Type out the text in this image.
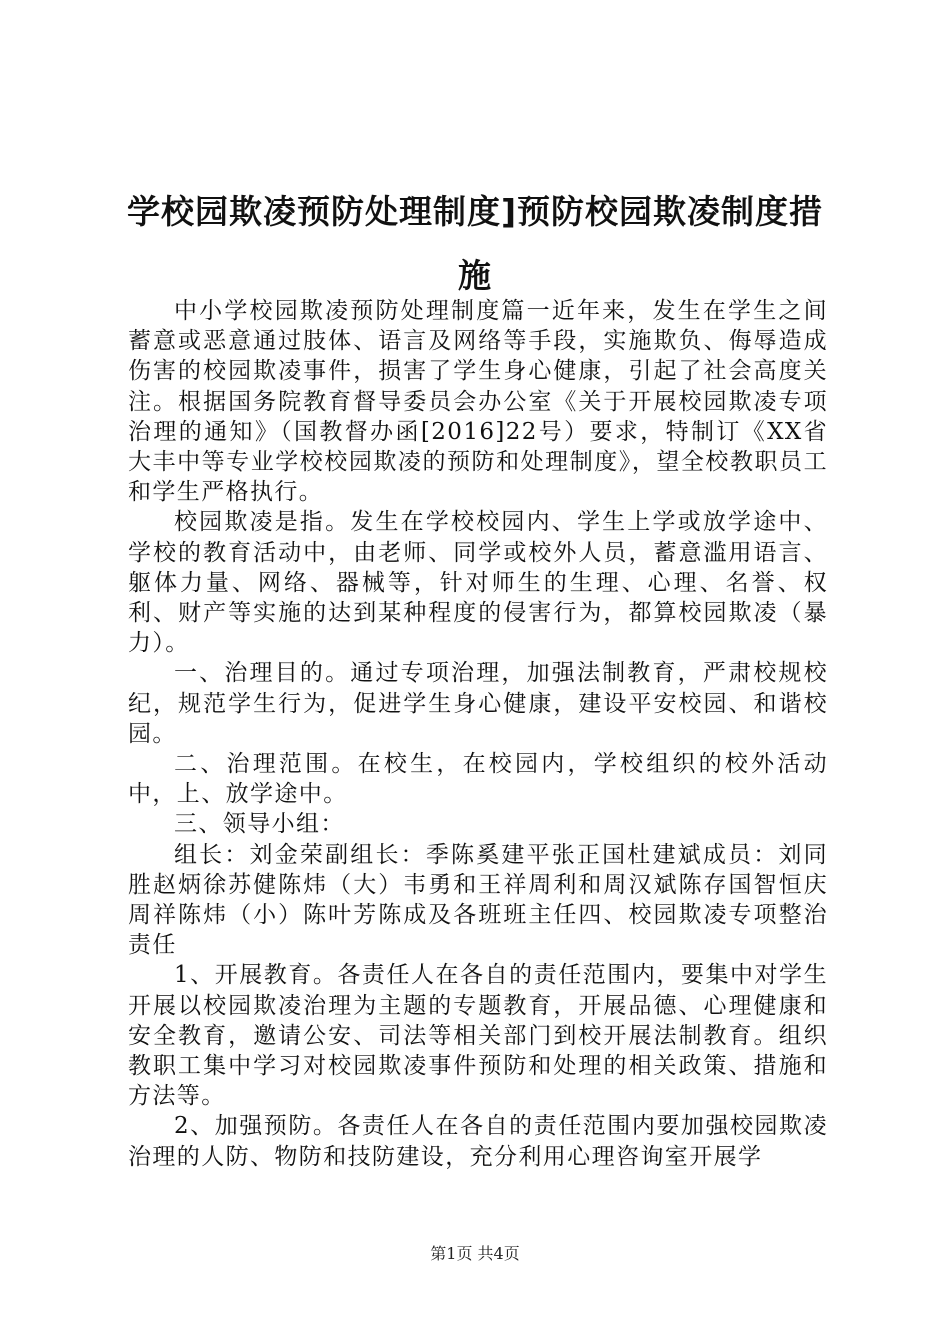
学校园欺凌预防处理制度]预防校园欺凌制度措施

中小学校园欺凌预防处理制度篇一近年来，发生在学生之间蓄意或恶意通过肢体、语言及网络等手段，实施欺负、侮辱造成伤害的校园欺凌事件，损害了学生身心健康，引起了社会高度关注。根据国务院教育督导委员会办公室《关于开展校园欺凌专项治理的通知》（国教督办函[2016]22号）要求，特制订《XX省大丰中等专业学校校园欺凌的预防和处理制度》，望全校教职员工和学生严格执行。

校园欺凌是指。发生在学校校园内、学生上学或放学途中、学校的教育活动中，由老师、同学或校外人员，蓄意滥用语言、躯体力量、网络、器械等，针对师生的生理、心理、名誉、权利、财产等实施的达到某种程度的侵害行为，都算校园欺凌（暴力）。

一、治理目的。通过专项治理，加强法制教育，严肃校规校纪，规范学生行为，促进学生身心健康，建设平安校园、和谐校园。

二、治理范围。在校生，在校园内，学校组织的校外活动中，上、放学途中。

三、领导小组：

组长：刘金荣副组长：季陈奚建平张正国杜建斌成员：刘同胜赵炳徐苏健陈炜（大）韦勇和王祥周利和周汉斌陈存国智恒庆周祥陈炜（小）陈叶芳陈成及各班班主任四、校园欺凌专项整治责任

1、开展教育。各责任人在各自的责任范围内，要集中对学生开展以校园欺凌治理为主题的专题教育，开展品德、心理健康和安全教育，邀请公安、司法等相关部门到校开展法制教育。组织教职工集中学习对校园欺凌事件预防和处理的相关政策、措施和方法等。

2、加强预防。各责任人在各自的责任范围内要加强校园欺凌治理的人防、物防和技防建设，充分利用心理咨询室开展学

第1页 共4页
